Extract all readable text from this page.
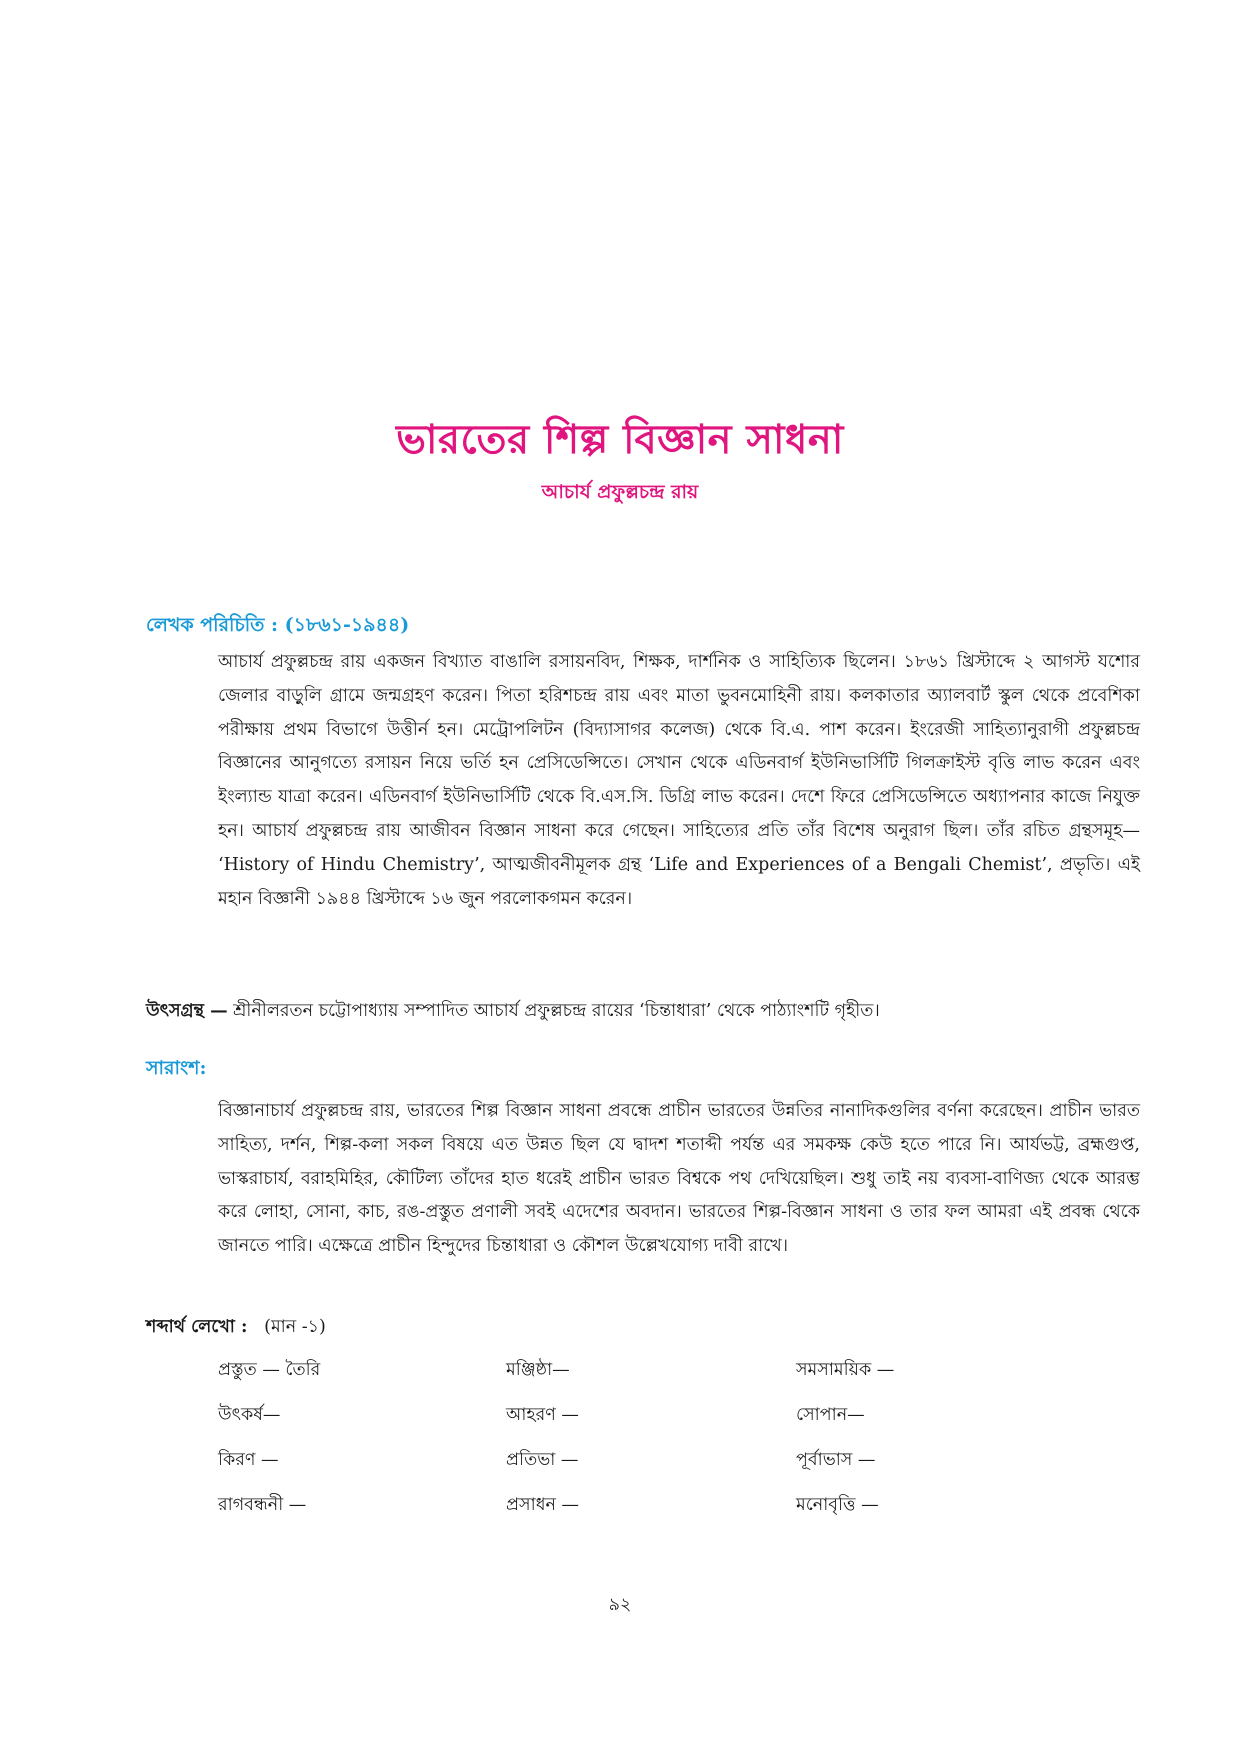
ভারতের শিল্প বিজ্ঞান সাধনা

আচার্য প্রফুল্লচন্দ্র রায়

লেখক পরিচিতি : (১৮৬১-১৯৪৪)

আচার্য প্রফুল্লচন্দ্র রায় একজন বিখ্যাত বাঙালি রসায়নবিদ, শিক্ষক, দার্শনিক ও সাহিত্যিক ছিলেন। ১৮৬১ খ্রিস্টাব্দে ২ আগস্ট যশোর জেলার বাড়ুলি গ্রামে জন্মগ্রহণ করেন। পিতা হরিশচন্দ্র রায় এবং মাতা ভুবনমোহিনী রায়। কলকাতার অ্যালবার্ট স্কুল থেকে প্রবেশিকা পরীক্ষায় প্রথম বিভাগে উত্তীর্ন হন। মেট্রোপলিটন (বিদ্যাসাগর কলেজ) থেকে বি.এ. পাশ করেন। ইংরেজী সাহিত্যানুরাগী প্রফুল্লচন্দ্র বিজ্ঞানের আনুগত্যে রসায়ন নিয়ে ভর্তি হন প্রেসিডেন্সিতে। সেখান থেকে এডিনবার্গ ইউনিভার্সিটি গিলক্রাইস্ট বৃত্তি লাভ করেন এবং ইংল্যান্ড যাত্রা করেন। এডিনবার্গ ইউনিভার্সিটি থেকে বি.এস.সি. ডিগ্রি লাভ করেন। দেশে ফিরে প্রেসিডেন্সিতে অধ্যাপনার কাজে নিযুক্ত হন। আচার্য প্রফুল্লচন্দ্র রায় আজীবন বিজ্ঞান সাধনা করে গেছেন। সাহিত্যের প্রতি তাঁর বিশেষ অনুরাগ ছিল। তাঁর রচিত গ্রন্থসমূহ— ‘History of Hindu Chemistry’, আত্মজীবনীমূলক গ্রন্থ ‘Life and Experiences of a Bengali Chemist’, প্রভৃতি। এই মহান বিজ্ঞানী ১৯৪৪ খ্রিস্টাব্দে ১৬ জুন পরলোকগমন করেন।

উৎসগ্রন্থ — শ্রীনীলরতন চট্টোপাধ্যায় সম্পাদিত আচার্য প্রফুল্লচন্দ্র রায়ের ‘চিন্তাধারা’ থেকে পাঠ্যাংশটি গৃহীত।

সারাংশ:

বিজ্ঞানাচার্য প্রফুল্লচন্দ্র রায়, ভারতের শিল্প বিজ্ঞান সাধনা প্রবন্ধে প্রাচীন ভারতের উন্নতির নানাদিকগুলির বর্ণনা করেছেন। প্রাচীন ভারত সাহিত্য, দর্শন, শিল্প-কলা সকল বিষয়ে এত উন্নত ছিল যে দ্বাদশ শতাব্দী পর্যন্ত এর সমকক্ষ কেউ হতে পারে নি। আর্যভট্ট, ব্রহ্মগুপ্ত, ভাস্করাচার্য, বরাহমিহির, কৌটিল্য তাঁদের হাত ধরেই প্রাচীন ভারত বিশ্বকে পথ দেখিয়েছিল। শুধু তাই নয় ব্যবসা-বাণিজ্য থেকে আরম্ভ করে লোহা, সোনা, কাচ, রঙ-প্রস্তুত প্রণালী সবই এদেশের অবদান। ভারতের শিল্প-বিজ্ঞান সাধনা ও তার ফল আমরা এই প্রবন্ধ থেকে জানতে পারি। এক্ষেত্রে প্রাচীন হিন্দুদের চিন্তাধারা ও কৌশল উল্লেখযোগ্য দাবী রাখে।

শব্দার্থ লেখো : (মান -১)

প্রস্তুত — তৈরি	মঞ্জিষ্ঠা—	সমসাময়িক —
উৎকর্ষ—	আহরণ —	সোপান—
কিরণ —	প্রতিভা —	পূর্বাভাস —
রাগবন্ধনী —	প্রসাধন —	মনোবৃত্তি —

৯২
